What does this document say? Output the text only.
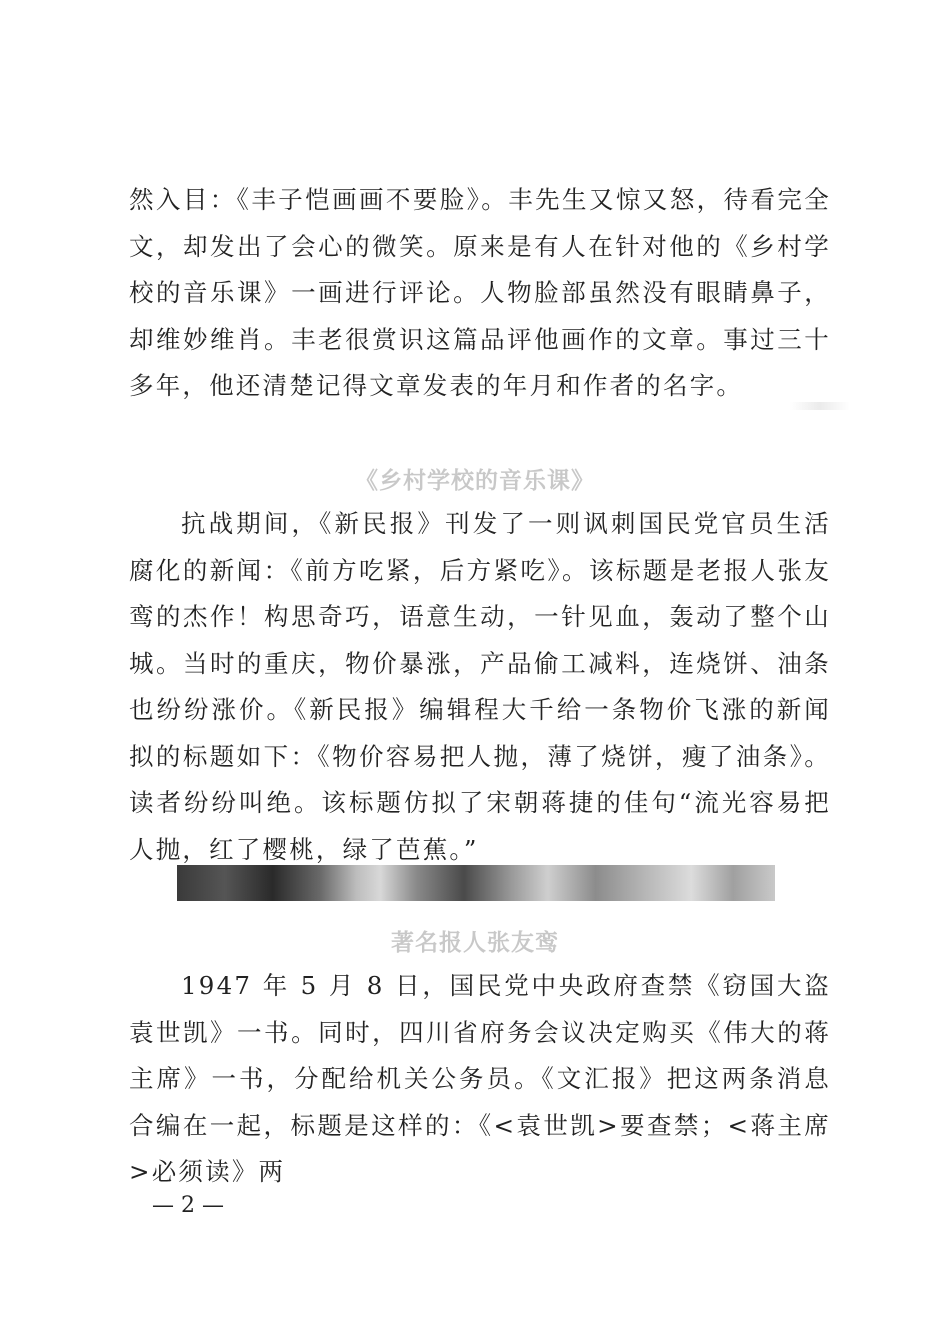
然入目：《丰子恺画画不要脸》。丰先生又惊又怒，待看完全文，却发出了会心的微笑。原来是有人在针对他的《乡村学校的音乐课》一画进行评论。人物脸部虽然没有眼睛鼻子，却维妙维肖。丰老很赏识这篇品评他画作的文章。事过三十多年，他还清楚记得文章发表的年月和作者的名字。

《乡村学校的音乐课》

抗战期间，《新民报》刊发了一则讽刺国民党官员生活腐化的新闻：《前方吃紧，后方紧吃》。该标题是老报人张友鸾的杰作！构思奇巧，语意生动，一针见血，轰动了整个山城。当时的重庆，物价暴涨，产品偷工减料，连烧饼、油条也纷纷涨价。《新民报》编辑程大千给一条物价飞涨的新闻拟的标题如下：《物价容易把人抛，薄了烧饼，瘦了油条》。读者纷纷叫绝。该标题仿拟了宋朝蒋捷的佳句“流光容易把人抛，红了樱桃，绿了芭蕉。”

著名报人张友鸾

1947 年 5 月 8 日，国民党中央政府查禁《窃国大盗袁世凯》一书。同时，四川省府务会议决定购买《伟大的蒋主席》一书，分配给机关公务员。《文汇报》把这两条消息合编在一起，标题是这样的：《<袁世凯>要查禁；<蒋主席>必须读》两

— 2 —
